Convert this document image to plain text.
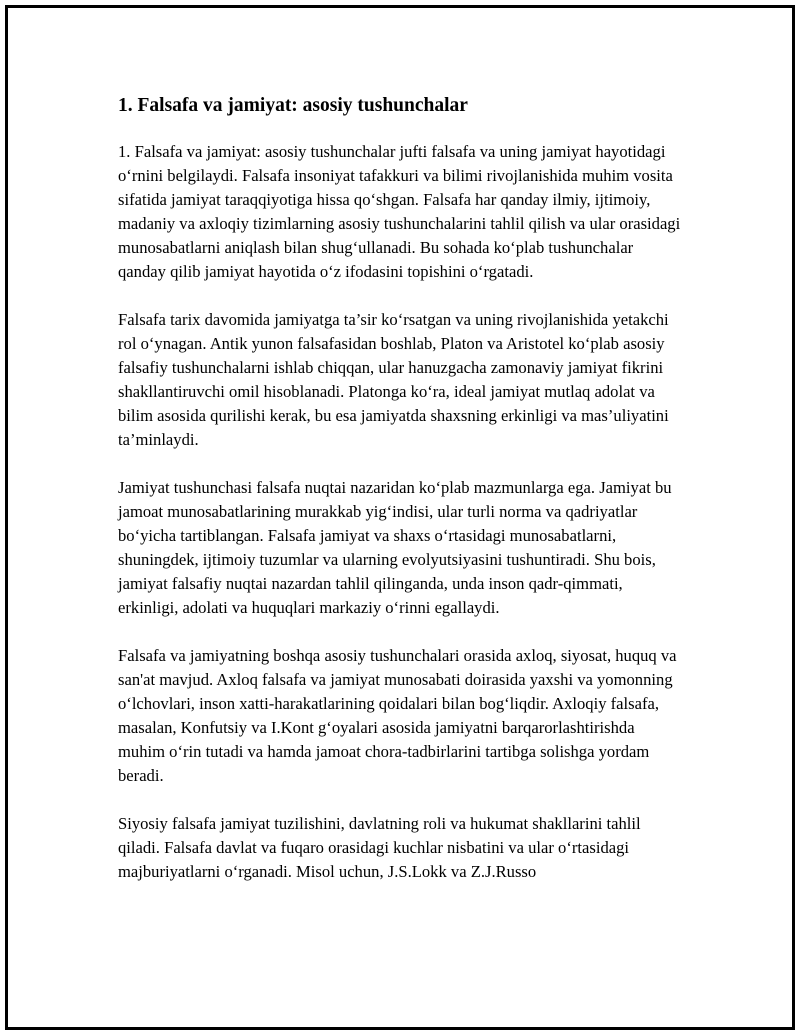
1. Falsafa va jamiyat: asosiy tushunchalar

1. Falsafa va jamiyat: asosiy tushunchalar jufti falsafa va uning jamiyat hayotidagi o‘rnini belgilaydi. Falsafa insoniyat tafakkuri va bilimi rivojlanishida muhim vosita sifatida jamiyat taraqqiyotiga hissa qo‘shgan. Falsafa har qanday ilmiy, ijtimoiy, madaniy va axloqiy tizimlarning asosiy tushunchalarini tahlil qilish va ular orasidagi munosabatlarni aniqlash bilan shug‘ullanadi. Bu sohada ko‘plab tushunchalar qanday qilib jamiyat hayotida o‘z ifodasini topishini o‘rgatadi.

Falsafa tarix davomida jamiyatga ta’sir ko‘rsatgan va uning rivojlanishida yetakchi rol o‘ynagan. Antik yunon falsafasidan boshlab, Platon va Aristotel ko‘plab asosiy falsafiy tushunchalarni ishlab chiqqan, ular hanuzgacha zamonaviy jamiyat fikrini shakllantiruvchi omil hisoblanadi. Platonga ko‘ra, ideal jamiyat mutlaq adolat va bilim asosida qurilishi kerak, bu esa jamiyatda shaxsning erkinligi va mas’uliyatini ta’minlaydi.

Jamiyat tushunchasi falsafa nuqtai nazaridan ko‘plab mazmunlarga ega. Jamiyat bu jamoat munosabatlarining murakkab yig‘indisi, ular turli norma va qadriyatlar bo‘yicha tartiblangan. Falsafa jamiyat va shaxs o‘rtasidagi munosabatlarni, shuningdek, ijtimoiy tuzumlar va ularning evolyutsiyasini tushuntiradi. Shu bois, jamiyat falsafiy nuqtai nazardan tahlil qilinganda, unda inson qadr-qimmati, erkinligi, adolati va huquqlari markaziy o‘rinni egallaydi.

Falsafa va jamiyatning boshqa asosiy tushunchalari orasida axloq, siyosat, huquq va san'at mavjud. Axloq falsafa va jamiyat munosabati doirasida yaxshi va yomonning o‘lchovlari, inson xatti-harakatlarining qoidalari bilan bog‘liqdir. Axloqiy falsafa, masalan, Konfutsiy va I.Kont g‘oyalari asosida jamiyatni barqarorlashtirishda muhim o‘rin tutadi va hamda jamoat chora-tadbirlarini tartibga solishga yordam beradi.

Siyosiy falsafa jamiyat tuzilishini, davlatning roli va hukumat shakllarini tahlil qiladi. Falsafa davlat va fuqaro orasidagi kuchlar nisbatini va ular o‘rtasidagi majburiyatlarni o‘rganadi. Misol uchun, J.S.Lokk va Z.J.Russo
